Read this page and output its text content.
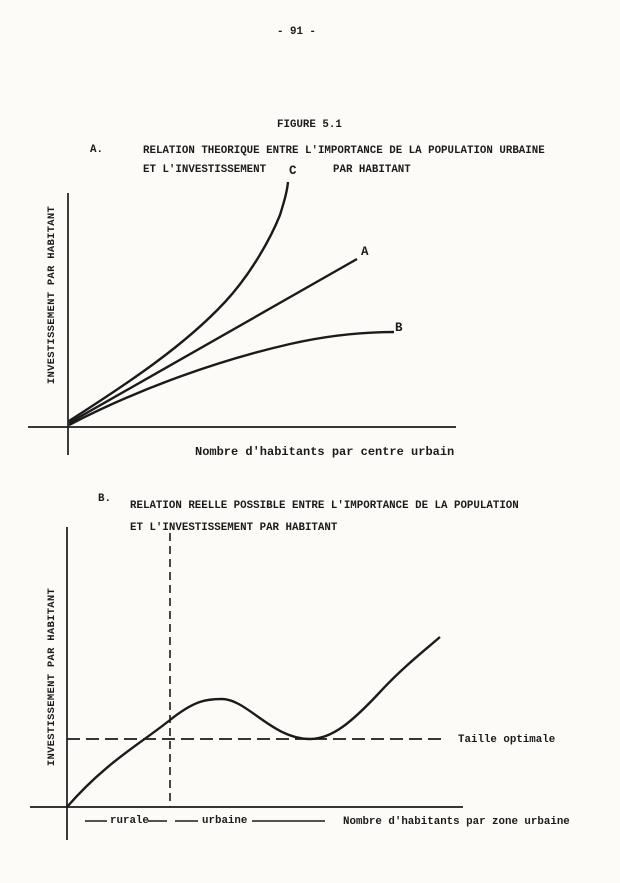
- 91 -
FIGURE 5.1
A.	RELATION THEORIQUE ENTRE L'IMPORTANCE DE LA POPULATION URBAINE
ET L'INVESTISSEMENT	PAR HABITANT
C
A
B
INVESTISSEMENT PAR HABITANT
Nombre d'habitants par centre urbain
B.
RELATION REELLE POSSIBLE ENTRE L'IMPORTANCE DE LA POPULATION
ET L'INVESTISSEMENT PAR HABITANT
INVESTISSEMENT PAR HABITANT	Taille optimale
rurale	urbaine	Nombre d'habitants par zone urbaine
